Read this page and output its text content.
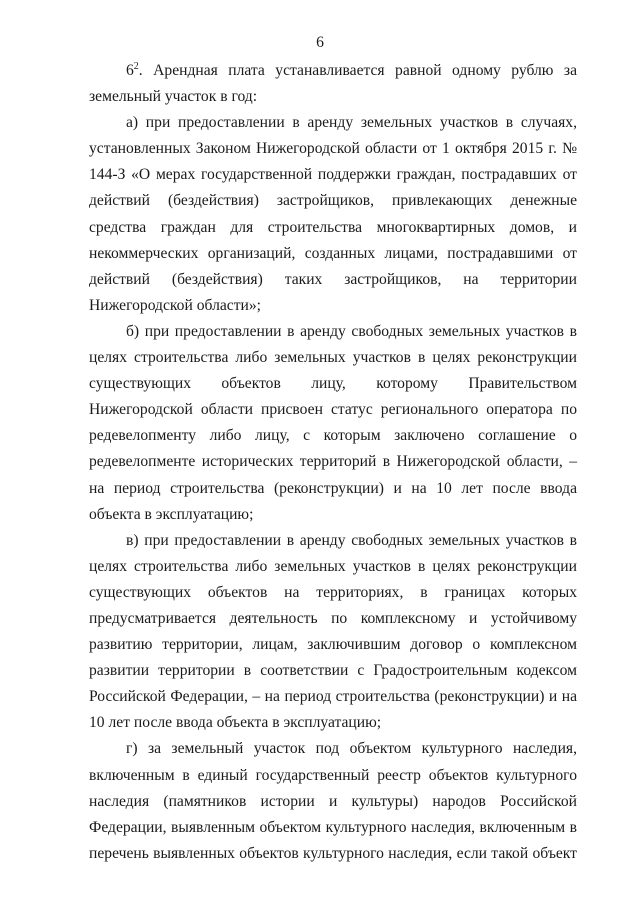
6

$6^2$. Арендная плата устанавливается равной одному рублю за земельный участок в год:

а) при предоставлении в аренду земельных участков в случаях, установленных Законом Нижегородской области от 1 октября 2015 г. № 144-З «О мерах государственной поддержки граждан, пострадавших от действий (бездействия) застройщиков, привлекающих денежные средства граждан для строительства многоквартирных домов, и некоммерческих организаций, созданных лицами, пострадавшими от действий (бездействия) таких застройщиков, на территории Нижегородской области»;

б) при предоставлении в аренду свободных земельных участков в целях строительства либо земельных участков в целях реконструкции существующих объектов лицу, которому Правительством Нижегородской области присвоен статус регионального оператора по редевелопменту либо лицу, с которым заключено соглашение о редевелопменте исторических территорий в Нижегородской области, – на период строительства (реконструкции) и на 10 лет после ввода объекта в эксплуатацию;

в) при предоставлении в аренду свободных земельных участков в целях строительства либо земельных участков в целях реконструкции существующих объектов на территориях, в границах которых предусматривается деятельность по комплексному и устойчивому развитию территории, лицам, заключившим договор о комплексном развитии территории в соответствии с Градостроительным кодексом Российской Федерации, – на период строительства (реконструкции) и на 10 лет после ввода объекта в эксплуатацию;

г) за земельный участок под объектом культурного наследия, включенным в единый государственный реестр объектов культурного наследия (памятников истории и культуры) народов Российской Федерации, выявленным объектом культурного наследия, включенным в перечень выявленных объектов культурного наследия, если такой объект
